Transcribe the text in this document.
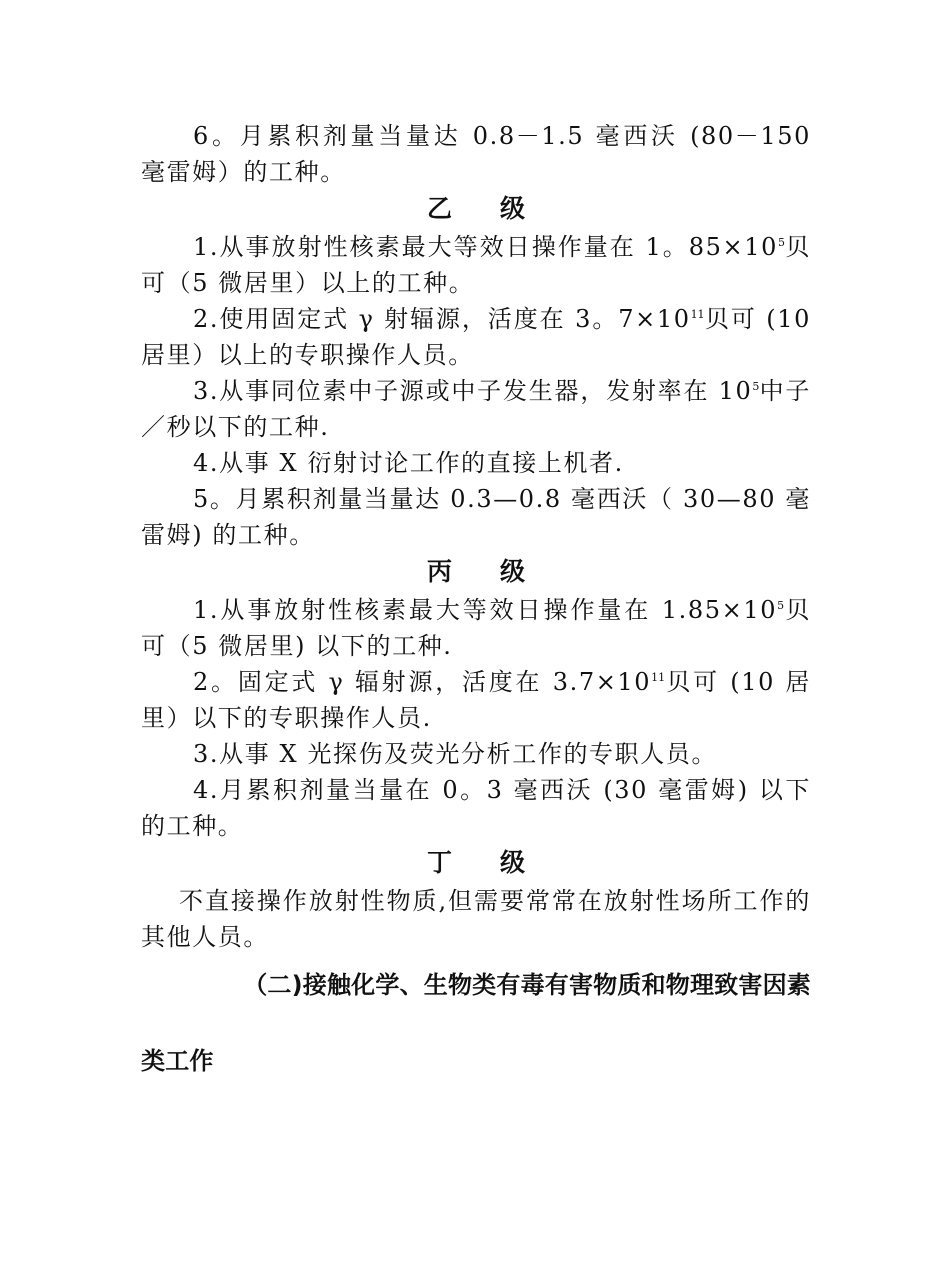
6。月累积剂量当量达 0.8－1.5 毫西沃 (80－150 毫雷姆）的工种。

乙 级

1.从事放射性核素最大等效日操作量在 1。$85\times 10^5$贝可（5 微居里）以上的工种。

2.使用固定式 γ 射辐源，活度在 3。$7\times 10^{11}$贝可 (10 居里）以上的专职操作人员。

3.从事同位素中子源或中子发生器，发射率在 $10^5$中子／秒以下的工种.

4.从事 X 衍射讨论工作的直接上机者.

5。月累积剂量当量达 0.3—0.8 毫西沃（ 30—80 毫雷姆) 的工种。

丙 级

1.从事放射性核素最大等效日操作量在 $1.85\times 10^5$贝可（5 微居里) 以下的工种.

2。固定式 γ 辐射源，活度在 $3.7\times 10^{11}$贝可 (10 居里）以下的专职操作人员.

3.从事 X 光探伤及荧光分析工作的专职人员。

4.月累积剂量当量在 0。3 毫西沃 (30 毫雷姆) 以下的工种。

丁 级

不直接操作放射性物质,但需要常常在放射性场所工作的其他人员。

（二)接触化学、生物类有毒有害物质和物理致害因素

类工作
